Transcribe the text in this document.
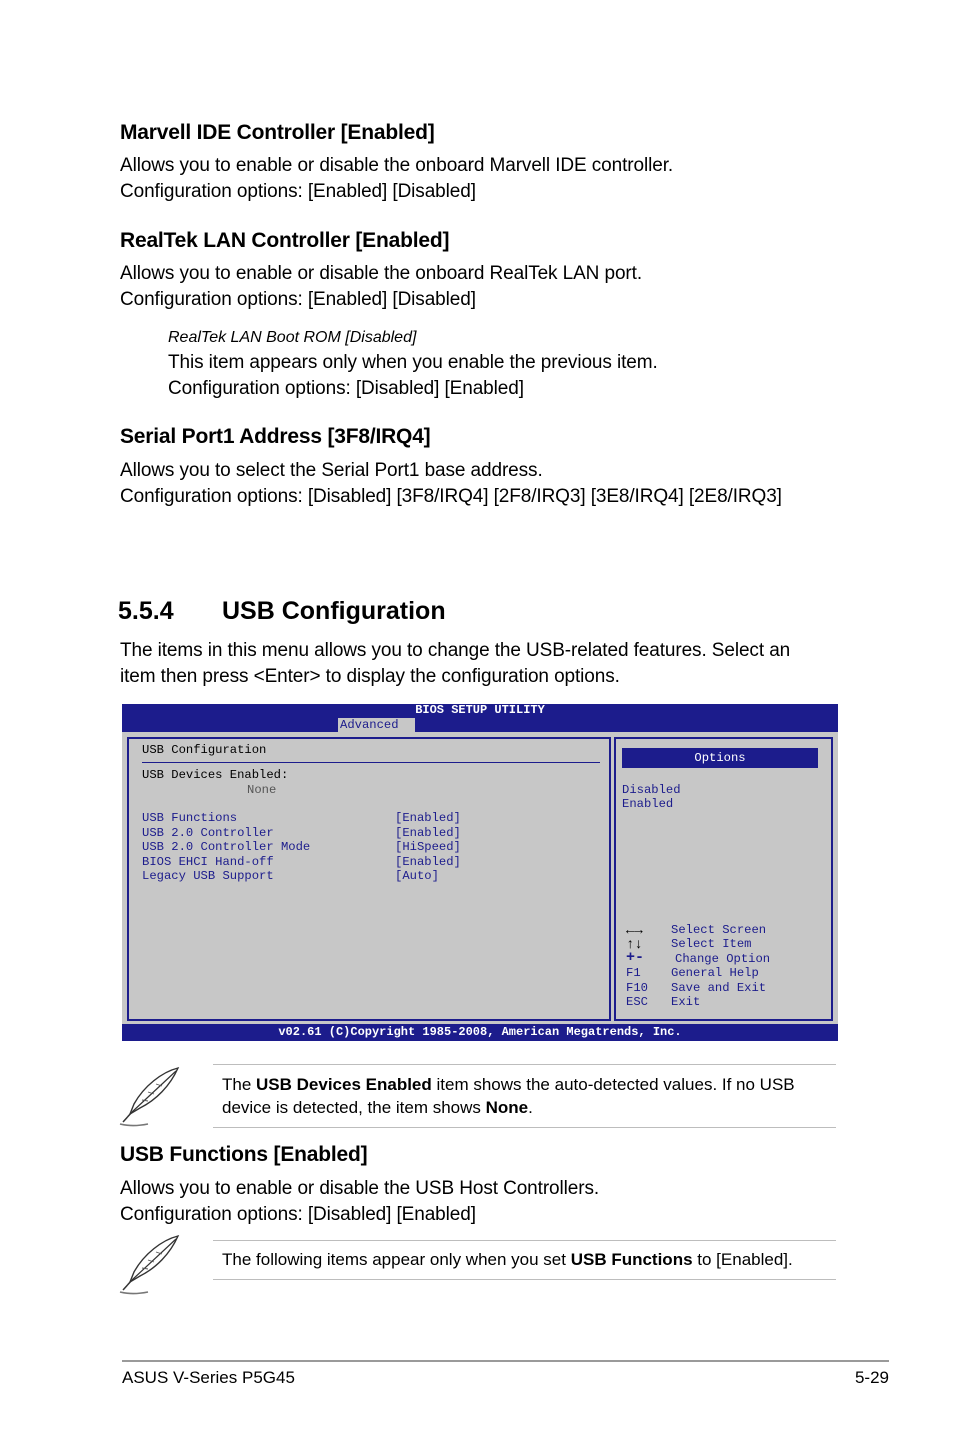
Marvell IDE Controller [Enabled]
Allows you to enable or disable the onboard Marvell IDE controller.
Configuration options: [Enabled] [Disabled]
RealTek LAN Controller [Enabled]
Allows you to enable or disable the onboard RealTek LAN port.
Configuration options: [Enabled] [Disabled]
RealTek LAN Boot ROM [Disabled]
This item appears only when you enable the previous item.
Configuration options: [Disabled] [Enabled]
Serial Port1 Address [3F8/IRQ4]
Allows you to select the Serial Port1 base address.
Configuration options: [Disabled] [3F8/IRQ4] [2F8/IRQ3] [3E8/IRQ4] [2E8/IRQ3]
5.5.4 USB Configuration
The items in this menu allows you to change the USB-related features. Select an
item then press <Enter> to display the configuration options.
BIOS SETUP UTILITY
Advanced
USB Configuration
USB Devices Enabled:
None
USB Functions	[Enabled]
USB 2.0 Controller	[Enabled]
USB 2.0 Controller Mode	[HiSpeed]
BIOS EHCI Hand-off	[Enabled]
Legacy USB Support	[Auto]
Options
Disabled
Enabled
←→	Select Screen
↑↓	Select Item
+-	Change Option
F1 General Help
F10 Save and Exit
ESC Exit
v02.61 (C)Copyright 1985-2008, American Megatrends, Inc.
The USB Devices Enabled item shows the auto-detected values. If no USB
device is detected, the item shows None.
USB Functions [Enabled]
Allows you to enable or disable the USB Host Controllers.
Configuration options: [Disabled] [Enabled]
The following items appear only when you set USB Functions to [Enabled].
ASUS V-Series P5G45	5-29
